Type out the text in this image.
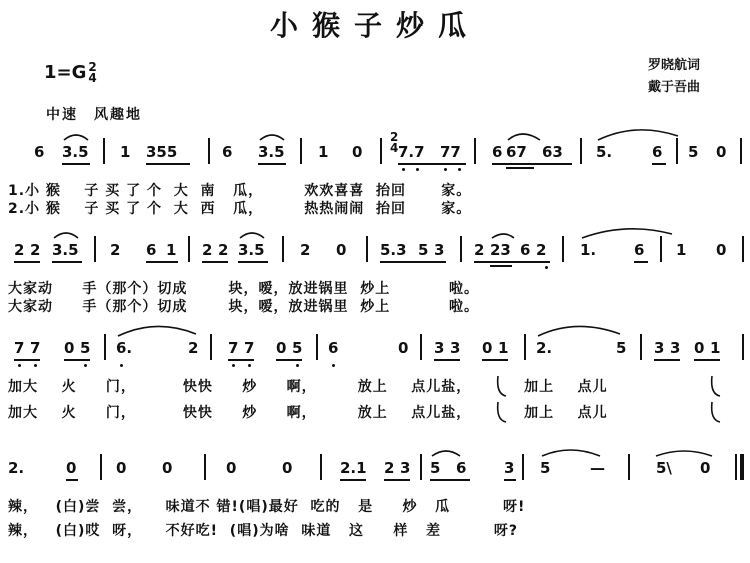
小猴子炒瓜
罗晓航词
戴于吾曲
1=G 2
4
中速　风趣地
6 3.5 1 355	6 3.5 1 0
2
4 7.7 77 6 67 63 5.	6 5 0
1.小 猴    子 买 了 个  大  南   瓜，       欢欢喜喜  抬回      家。
2.小 猴    子 买 了 个  大  西   瓜，       热热闹闹  抬回      家。
2 2 3.5 2 6 1 2 2 3.5 2 0 5.3 5 3 2 23 6 2 1.	6 1 0
大家动     手（那个）切成       块，嗳，放进锅里  炒上          啦。
大家动     手（那个）切成       块，嗳，放进锅里  炒上          啦。
7 7 0 5 6.	2 7 7 0 5 6	0 3 3 0 1 2.	5 3 3 0 1
加大    火     门，        快快     炒     啊，       放上    点儿盐，         加上    点儿
加大    火     门，        快快     炒     啊，       放上    点儿盐，         加上    点儿
2.	0	0 0	0	0	2.1 2 3 5 6	3 5	—	5\ 0
辣，   (白)尝  尝，    味道不 错!(唱)最好  吃的   是     炒   瓜         呀!
辣，   (白)哎  呀，    不好吃!  (唱)为啥  味道   这     样   差         呀?
